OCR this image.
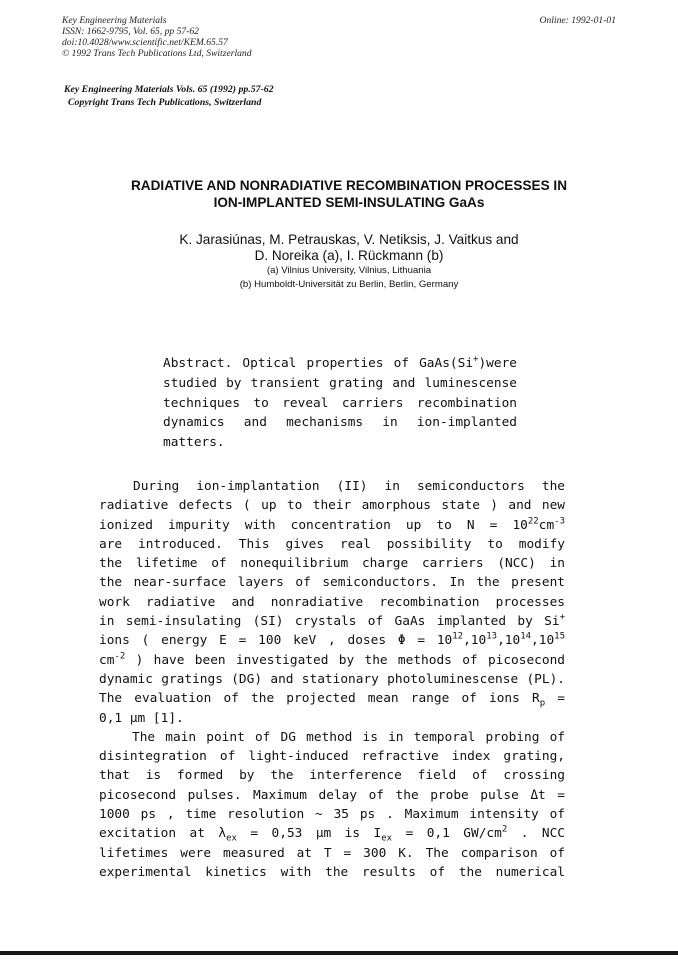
Key Engineering Materials
ISSN: 1662-9795, Vol. 65, pp 57-62
doi:10.4028/www.scientific.net/KEM.65.57
© 1992 Trans Tech Publications Ltd, Switzerland
Online: 1992-01-01
Key Engineering Materials Vols. 65 (1992) pp.57-62
Copyright Trans Tech Publications, Switzerland
RADIATIVE AND NONRADIATIVE RECOMBINATION PROCESSES IN
ION-IMPLANTED SEMI-INSULATING GaAs
K. Jarasiúnas, M. Petrauskas, V. Netiksis, J. Vaitkus and
D. Noreika (a), I. Rückmann (b)
(a) Vilnius University, Vilnius, Lithuania
(b) Humboldt-Universität zu Berlin, Berlin, Germany
Abstract. Optical properties of GaAs(Si+)were
studied by transient grating and luminescense
techniques to reveal carriers recombination
dynamics and mechanisms in ion-implanted
matters.
During ion-implantation (II) in semiconductors the
radiative defects ( up to their amorphous state ) and new
ionized impurity with concentration up to $N = 10^{22}cm^{-3}$
are introduced. This gives real possibility to modify
the lifetime of nonequilibrium charge carriers (NCC) in
the near-surface layers of semiconductors. In the present
work radiative and nonradiative recombination processes
in semi-insulating (SI) crystals of GaAs implanted by Si+
ions ( energy E = 100 keV , doses $\Phi = 10^{12},10^{13},10^{14},10^{15}$
$cm^{-2}$ ) have been investigated by the methods of picosecond
dynamic gratings (DG) and stationary photoluminescense (PL).
The evaluation of the projected mean range of ions $R_p$ =
0,1 µm [1].
The main point of DG method is in temporal probing of
disintegration of light-induced refractive index grating,
that is formed by the interference field of crossing
picosecond pulses. Maximum delay of the probe pulse Δt =
1000 ps , time resolution ~ 35 ps . Maximum intensity of
excitation at $\lambda_{ex} = 0,53$ µm is $I_{ex} = 0,1$ $GW/cm^2$ . NCC
lifetimes were measured at T = 300 K. The comparison of
experimental kinetics with the results of the numerical
